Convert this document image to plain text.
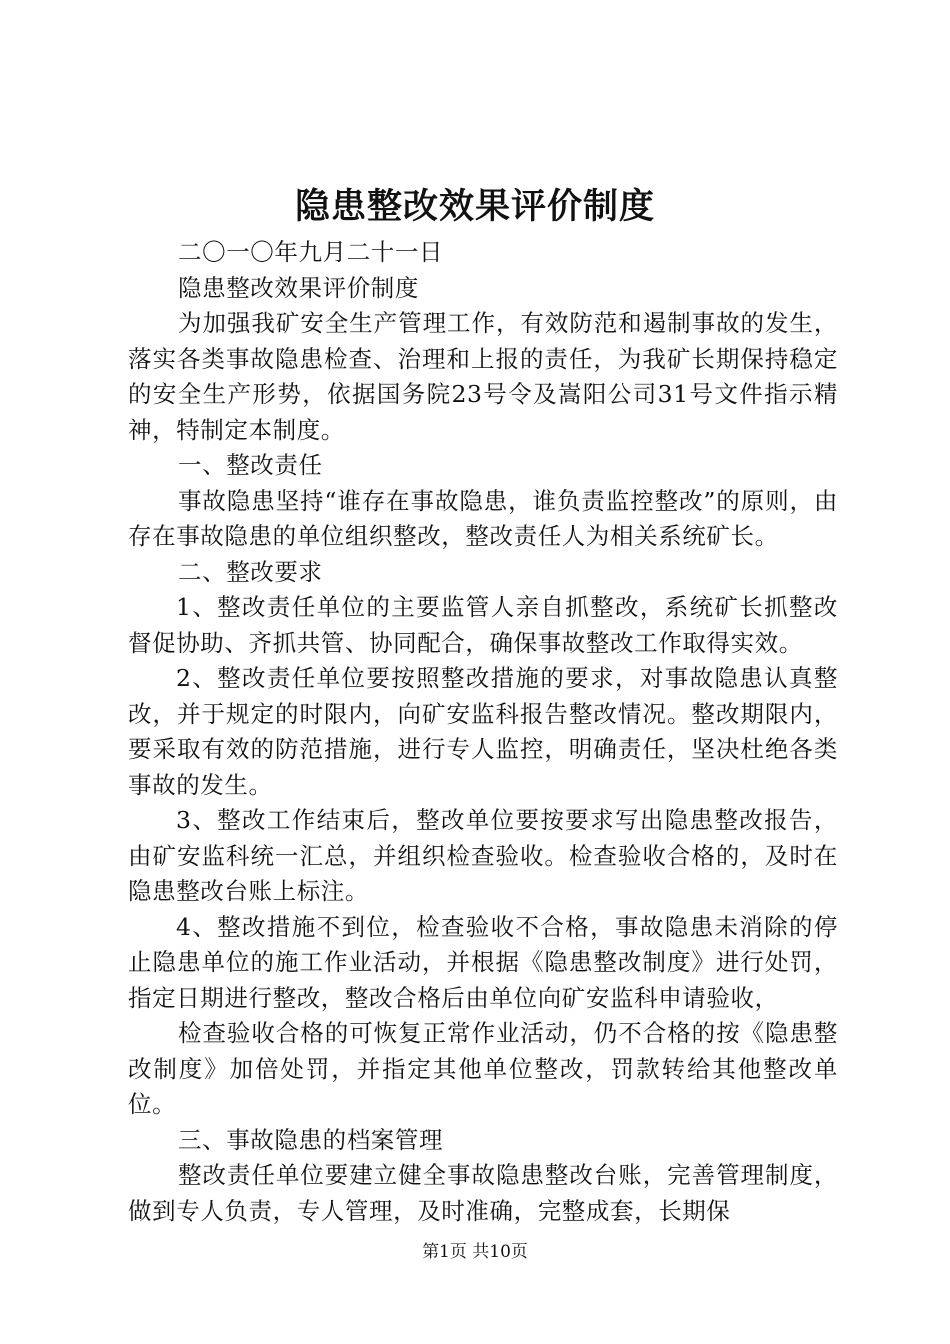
隐患整改效果评价制度

二〇一〇年九月二十一日

隐患整改效果评价制度

为加强我矿安全生产管理工作，有效防范和遏制事故的发生，落实各类事故隐患检查、治理和上报的责任，为我矿长期保持稳定的安全生产形势，依据国务院23号令及嵩阳公司31号文件指示精神，特制定本制度。

一、整改责任

事故隐患坚持“谁存在事故隐患，谁负责监控整改”的原则，由存在事故隐患的单位组织整改，整改责任人为相关系统矿长。

二、整改要求

1、整改责任单位的主要监管人亲自抓整改，系统矿长抓整改督促协助、齐抓共管、协同配合，确保事故整改工作取得实效。

2、整改责任单位要按照整改措施的要求，对事故隐患认真整改，并于规定的时限内，向矿安监科报告整改情况。整改期限内，要采取有效的防范措施，进行专人监控，明确责任，坚决杜绝各类事故的发生。

3、整改工作结束后，整改单位要按要求写出隐患整改报告，由矿安监科统一汇总，并组织检查验收。检查验收合格的，及时在隐患整改台账上标注。

4、整改措施不到位，检查验收不合格，事故隐患未消除的停止隐患单位的施工作业活动，并根据《隐患整改制度》进行处罚，指定日期进行整改，整改合格后由单位向矿安监科申请验收，

检查验收合格的可恢复正常作业活动，仍不合格的按《隐患整改制度》加倍处罚，并指定其他单位整改，罚款转给其他整改单位。

三、事故隐患的档案管理

整改责任单位要建立健全事故隐患整改台账，完善管理制度，做到专人负责，专人管理，及时准确，完整成套，长期保

第1页 共10页
